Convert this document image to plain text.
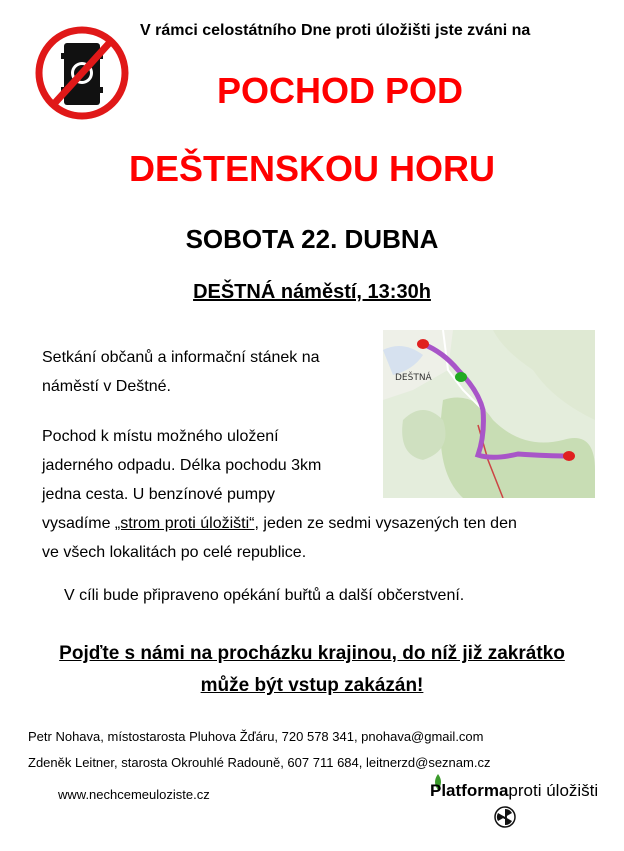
V rámci celostátního Dne proti úložišti jste zváni na
POCHOD POD
DEŠTENSKOU HORU
SOBOTA 22. DUBNA
DEŠTNÁ náměstí, 13:30h
Setkání občanů a informační stánek na
náměstí v Deštné.
Pochod k místu možného uložení
jaderného odpadu. Délka pochodu 3km
jedna cesta. U benzínové pumpy
vysadíme „strom proti úložišti“, jeden ze sedmi vysazených ten den
ve všech lokalitách po celé republice.
V cíli bude připraveno opékání buřtů a další občerstvení.
Pojďte s námi na procházku krajinou, do níž již zakrátko
může být vstup zakázán!
DEŠTNÁ
Petr Nohava, místostarosta Pluhova Žďáru, 720 578 341, pnohava@gmail.com
Zdeněk Leitner, starosta Okrouhlé Radouně, 607 711 684, leitnerzd@seznam.cz
www.nechcemeuloziste.cz	Platformaproti úložišti
